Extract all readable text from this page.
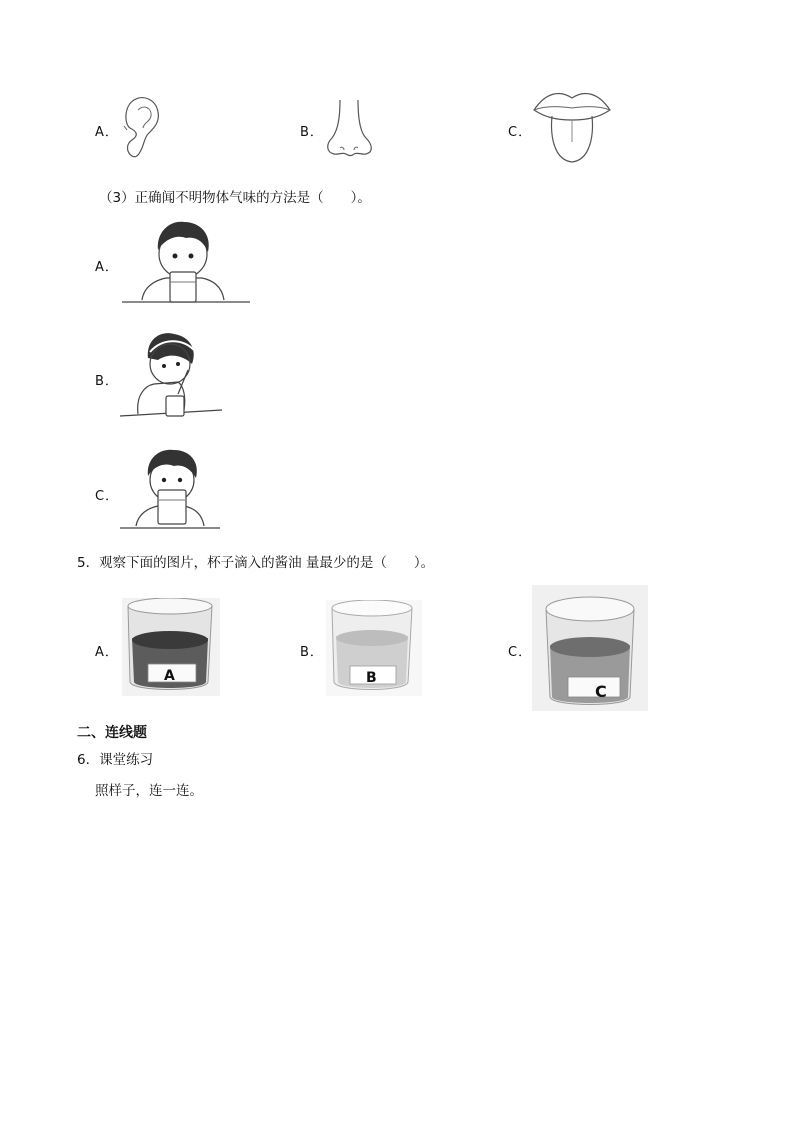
A．	B．	C．
（3）正确闻不明物体气味的方法是（　　）。
A．
B．
C．
5．观察下面的图片，杯子滴入的酱油 量最少的是（　　）。
A．
A
B．
B
C．
C
二、连线题
6．课堂练习
照样子，连一连。
